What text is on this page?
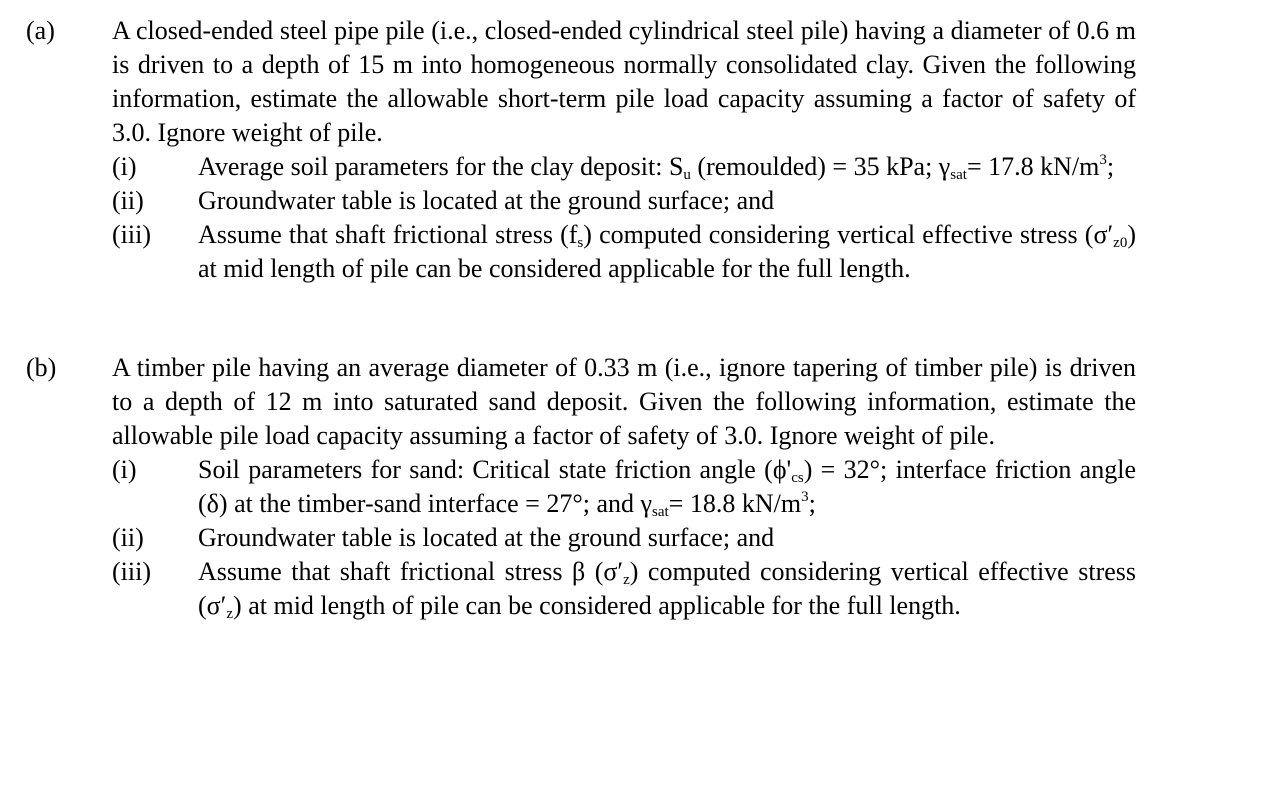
(a)	A closed-ended steel pipe pile (i.e., closed-ended cylindrical steel pile) having a diameter of 0.6 m is driven to a depth of 15 m into homogeneous normally consolidated clay. Given the following information, estimate the allowable short-term pile load capacity assuming a factor of safety of 3.0. Ignore weight of pile.
(i)	Average soil parameters for the clay deposit: $S_u$ (remoulded) = 35 kPa; $\gamma_{sat}= 17.8$ $kN/m^3$;
(ii)	Groundwater table is located at the ground surface; and
(iii)	Assume that shaft frictional stress $(f_s)$ computed considering vertical effective stress $(\sigma'_{z0})$ at mid length of pile can be considered applicable for the full length.
(b)	A timber pile having an average diameter of 0.33 m (i.e., ignore tapering of timber pile) is driven to a depth of 12 m into saturated sand deposit. Given the following information, estimate the allowable pile load capacity assuming a factor of safety of 3.0. Ignore weight of pile.
(i)	Soil parameters for sand: Critical state friction angle $(\phi'_{cs}) = 32^\circ$; interface friction angle (δ) at the timber-sand interface = 27°; and $\gamma_{sat}= 18.8$ $kN/m^3$;
(ii)	Groundwater table is located at the ground surface; and
(iii)	Assume that shaft frictional stress β $(\sigma'_z)$ computed considering vertical effective stress $(\sigma'_z)$ at mid length of pile can be considered applicable for the full length.
